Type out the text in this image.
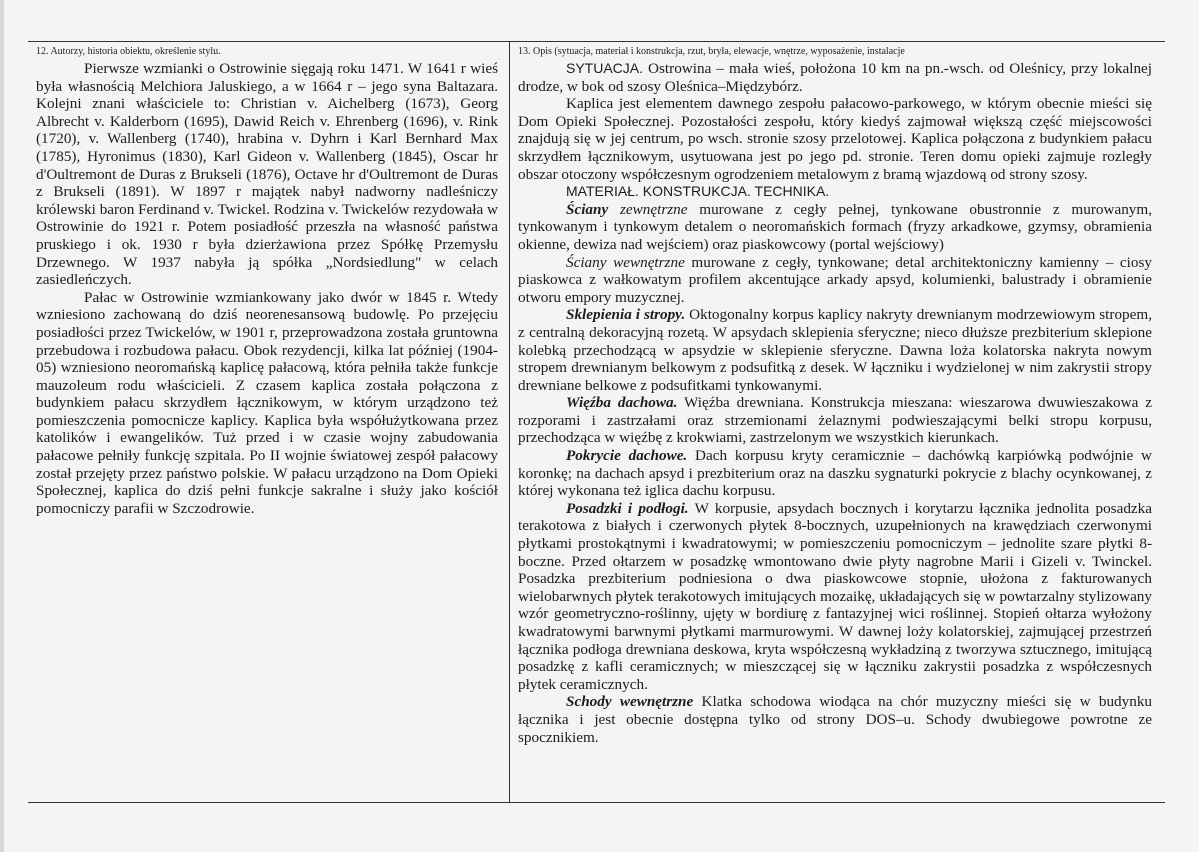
12. Autorzy, historia obiektu, określenie stylu.

Pierwsze wzmianki o Ostrowinie sięgają roku 1471. W 1641 r wieś była własnością Melchiora Jaluskiego, a w 1664 r – jego syna Baltazara. Kolejni znani właściciele to: Christian v. Aichelberg (1673), Georg Albrecht v. Kalderborn (1695), Dawid Reich v. Ehrenberg (1696), v. Rink (1720), v. Wallenberg (1740), hrabina v. Dyhrn i Karl Bernhard Max (1785), Hyronimus (1830), Karl Gideon v. Wallenberg (1845), Oscar hr d'Oultremont de Duras z Brukseli (1876), Octave hr d'Oultremont de Duras z Brukseli (1891). W 1897 r majątek nabył nadworny nadleśniczy królewski baron Ferdinand v. Twickel. Rodzina v. Twickelów rezydowała w Ostrowinie do 1921 r. Potem posiadłość przeszła na własność państwa pruskiego i ok. 1930 r była dzierżawiona przez Spółkę Przemysłu Drzewnego. W 1937 nabyła ją spółka „Nordsiedlung" w celach zasiedleńczych.

Pałac w Ostrowinie wzmiankowany jako dwór w 1845 r. Wtedy wzniesiono zachowaną do dziś neorenesansową budowlę. Po przejęciu posiadłości przez Twickelów, w 1901 r, przeprowadzona została gruntowna przebudowa i rozbudowa pałacu. Obok rezydencji, kilka lat później (1904-05) wzniesiono neoromańską kaplicę pałacową, która pełniła także funkcje mauzoleum rodu właścicieli. Z czasem kaplica została połączona z budynkiem pałacu skrzydłem łącznikowym, w którym urządzono też pomieszczenia pomocnicze kaplicy. Kaplica była współużytkowana przez katolików i ewangelików. Tuż przed i w czasie wojny zabudowania pałacowe pełniły funkcję szpitala. Po II wojnie światowej zespół pałacowy został przejęty przez państwo polskie. W pałacu urządzono na Dom Opieki Społecznej, kaplica do dziś pełni funkcje sakralne i służy jako kościół pomocniczy parafii w Szczodrowie.

13. Opis (sytuacja, materiał i konstrukcja, rzut, bryła, elewacje, wnętrze, wyposażenie, instalacje

SYTUACJA. Ostrowina – mała wieś, położona 10 km na pn.-wsch. od Oleśnicy, przy lokalnej drodze, w bok od szosy Oleśnica–Międzybórz.

Kaplica jest elementem dawnego zespołu pałacowo-parkowego, w którym obecnie mieści się Dom Opieki Społecznej. Pozostałości zespołu, który kiedyś zajmował większą część miejscowości znajdują się w jej centrum, po wsch. stronie szosy przelotowej. Kaplica połączona z budynkiem pałacu skrzydłem łącznikowym, usytuowana jest po jego pd. stronie. Teren domu opieki zajmuje rozległy obszar otoczony współczesnym ogrodzeniem metalowym z bramą wjazdową od strony szosy.

MATERIAŁ. KONSTRUKCJA. TECHNIKA.

Ściany zewnętrzne murowane z cegły pełnej, tynkowane obustronnie z murowanym, tynkowanym i tynkowym detalem o neoromańskich formach (fryzy arkadkowe, gzymsy, obramienia okienne, dewiza nad wejściem) oraz piaskowcowy (portal wejściowy)

Ściany wewnętrzne murowane z cegły, tynkowane; detal architektoniczny kamienny – ciosy piaskowca z wałkowatym profilem akcentujące arkady apsyd, kolumienki, balustrady i obramienie otworu empory muzycznej.

Sklepienia i stropy. Oktogonalny korpus kaplicy nakryty drewnianym modrzewiowym stropem, z centralną dekoracyjną rozetą. W apsydach sklepienia sferyczne; nieco dłuższe prezbiterium sklepione kolebką przechodzącą w apsydzie w sklepienie sferyczne. Dawna loża kolatorska nakryta nowym stropem drewnianym belkowym z podsufitką z desek. W łączniku i wydzielonej w nim zakrystii stropy drewniane belkowe z podsufitkami tynkowanymi.

Więźba dachowa. Więźba drewniana. Konstrukcja mieszana: wieszarowa dwuwieszakowa z rozporami i zastrzałami oraz strzemionami żelaznymi podwieszającymi belki stropu korpusu, przechodząca w więźbę z krokwiami, zastrzelonym we wszystkich kierunkach.

Pokrycie dachowe. Dach korpusu kryty ceramicznie – dachówką karpiówką podwójnie w koronkę; na dachach apsyd i prezbiterium oraz na daszku sygnaturki pokrycie z blachy ocynkowanej, z której wykonana też iglica dachu korpusu.

Posadzki i podłogi. W korpusie, apsydach bocznych i korytarzu łącznika jednolita posadzka terakotowa z białych i czerwonych płytek 8-bocznych, uzupełnionych na krawędziach czerwonymi płytkami prostokątnymi i kwadratowymi; w pomieszczeniu pomocniczym – jednolite szare płytki 8-boczne. Przed ołtarzem w posadzkę wmontowano dwie płyty nagrobne Marii i Gizeli v. Twinckel. Posadzka prezbiterium podniesiona o dwa piaskowcowe stopnie, ułożona z fakturowanych wielobarwnych płytek terakotowych imitujących mozaikę, układających się w powtarzalny stylizowany wzór geometryczno-roślinny, ujęty w bordiurę z fantazyjnej wici roślinnej. Stopień ołtarza wyłożony kwadratowymi barwnymi płytkami marmurowymi. W dawnej loży kolatorskiej, zajmującej przestrzeń łącznika podłoga drewniana deskowa, kryta współczesną wykładziną z tworzywa sztucznego, imitującą posadzkę z kafli ceramicznych; w mieszczącej się w łączniku zakrystii posadzka z współczesnych płytek ceramicznych.

Schody wewnętrzne Klatka schodowa wiodąca na chór muzyczny mieści się w budynku łącznika i jest obecnie dostępna tylko od strony DOS–u. Schody dwubiegowe powrotne ze spocznikiem.
